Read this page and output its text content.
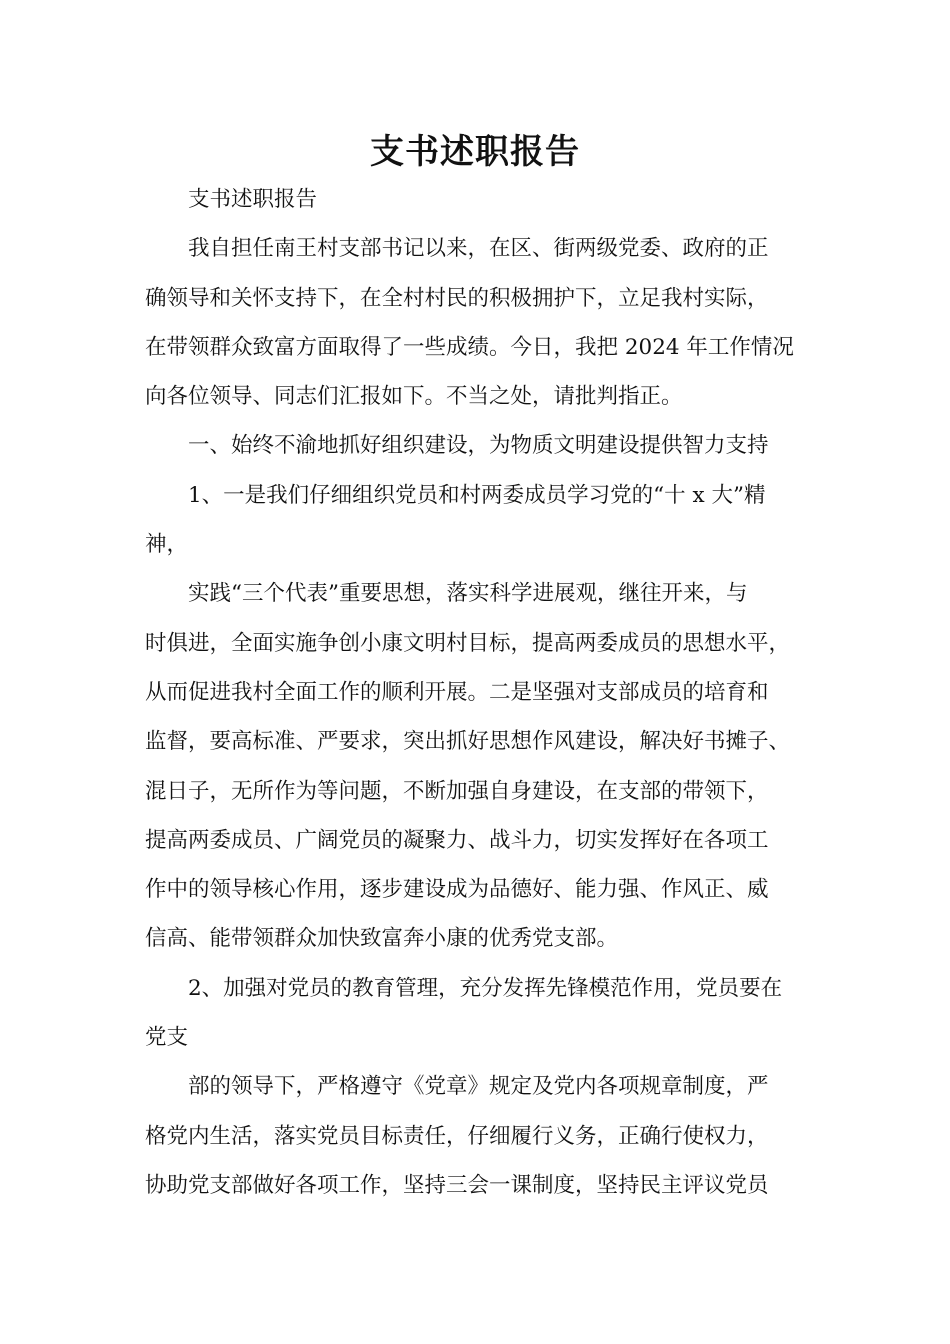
支书述职报告

支书述职报告

我自担任南王村支部书记以来，在区、街两级党委、政府的正
确领导和关怀支持下，在全村村民的积极拥护下，立足我村实际，
在带领群众致富方面取得了一些成绩。今日，我把 2024 年工作情况
向各位领导、同志们汇报如下。不当之处，请批判指正。

一、始终不渝地抓好组织建设，为物质文明建设提供智力支持

1、一是我们仔细组织党员和村两委成员学习党的“十 x 大”精
神，

实践“三个代表”重要思想，落实科学进展观，继往开来，与
时俱进，全面实施争创小康文明村目标，提高两委成员的思想水平，
从而促进我村全面工作的顺利开展。二是坚强对支部成员的培育和
监督，要高标准、严要求，突出抓好思想作风建设，解决好书摊子、
混日子，无所作为等问题，不断加强自身建设，在支部的带领下，
提高两委成员、广阔党员的凝聚力、战斗力，切实发挥好在各项工
作中的领导核心作用，逐步建设成为品德好、能力强、作风正、威
信高、能带领群众加快致富奔小康的优秀党支部。

2、加强对党员的教育管理，充分发挥先锋模范作用，党员要在
党支

部的领导下，严格遵守《党章》规定及党内各项规章制度，严
格党内生活，落实党员目标责任，仔细履行义务，正确行使权力，
协助党支部做好各项工作，坚持三会一课制度，坚持民主评议党员
